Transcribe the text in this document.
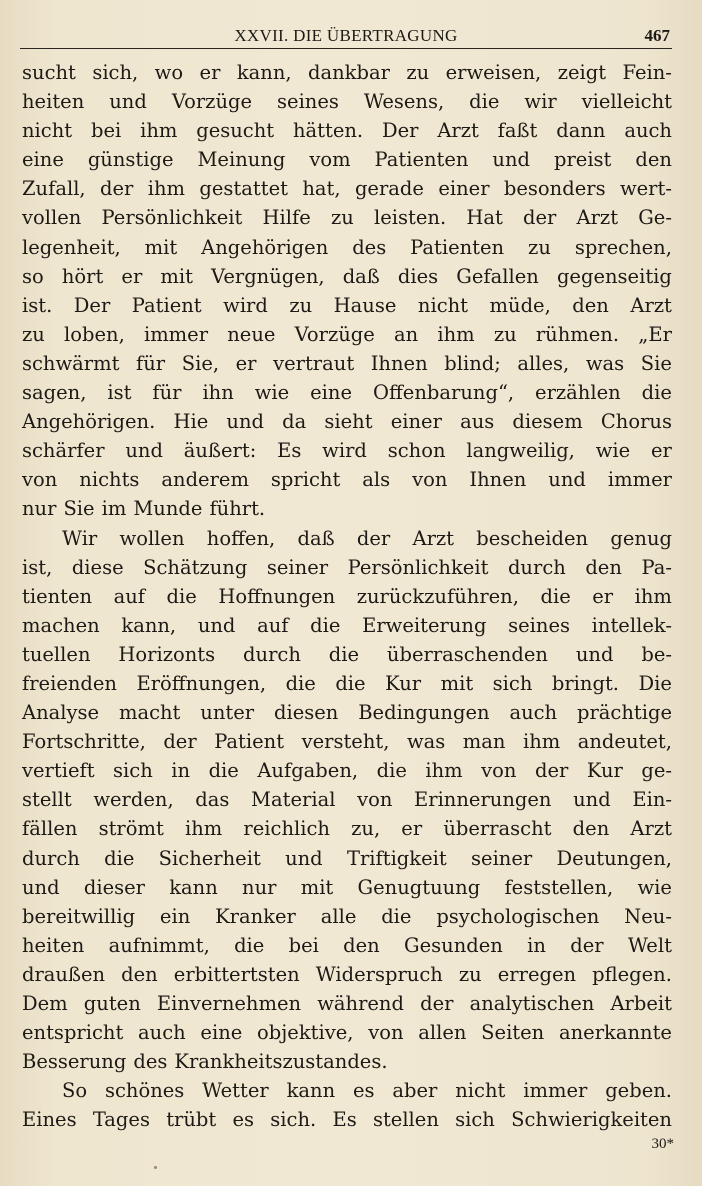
XXVII. DIE ÜBERTRAGUNG	467
sucht sich, wo er kann, dankbar zu erweisen, zeigt Fein-
heiten und Vorzüge seines Wesens, die wir vielleicht
nicht bei ihm gesucht hätten. Der Arzt faßt dann auch
eine günstige Meinung vom Patienten und preist den
Zufall, der ihm gestattet hat, gerade einer besonders wert-
vollen Persönlichkeit Hilfe zu leisten. Hat der Arzt Ge-
legenheit, mit Angehörigen des Patienten zu sprechen,
so hört er mit Vergnügen, daß dies Gefallen gegenseitig
ist. Der Patient wird zu Hause nicht müde, den Arzt
zu loben, immer neue Vorzüge an ihm zu rühmen. „Er
schwärmt für Sie, er vertraut Ihnen blind; alles, was Sie
sagen, ist für ihn wie eine Offenbarung“, erzählen die
Angehörigen. Hie und da sieht einer aus diesem Chorus
schärfer und äußert: Es wird schon langweilig, wie er
von nichts anderem spricht als von Ihnen und immer
nur Sie im Munde führt.
Wir wollen hoffen, daß der Arzt bescheiden genug
ist, diese Schätzung seiner Persönlichkeit durch den Pa-
tienten auf die Hoffnungen zurückzuführen, die er ihm
machen kann, und auf die Erweiterung seines intellek-
tuellen Horizonts durch die überraschenden und be-
freienden Eröffnungen, die die Kur mit sich bringt. Die
Analyse macht unter diesen Bedingungen auch prächtige
Fortschritte, der Patient versteht, was man ihm andeutet,
vertieft sich in die Aufgaben, die ihm von der Kur ge-
stellt werden, das Material von Erinnerungen und Ein-
fällen strömt ihm reichlich zu, er überrascht den Arzt
durch die Sicherheit und Triftigkeit seiner Deutungen,
und dieser kann nur mit Genugtuung feststellen, wie
bereitwillig ein Kranker alle die psychologischen Neu-
heiten aufnimmt, die bei den Gesunden in der Welt
draußen den erbittertsten Widerspruch zu erregen pflegen.
Dem guten Einvernehmen während der analytischen Arbeit
entspricht auch eine objektive, von allen Seiten anerkannte
Besserung des Krankheitszustandes.
So schönes Wetter kann es aber nicht immer geben.
Eines Tages trübt es sich. Es stellen sich Schwierigkeiten
30*
